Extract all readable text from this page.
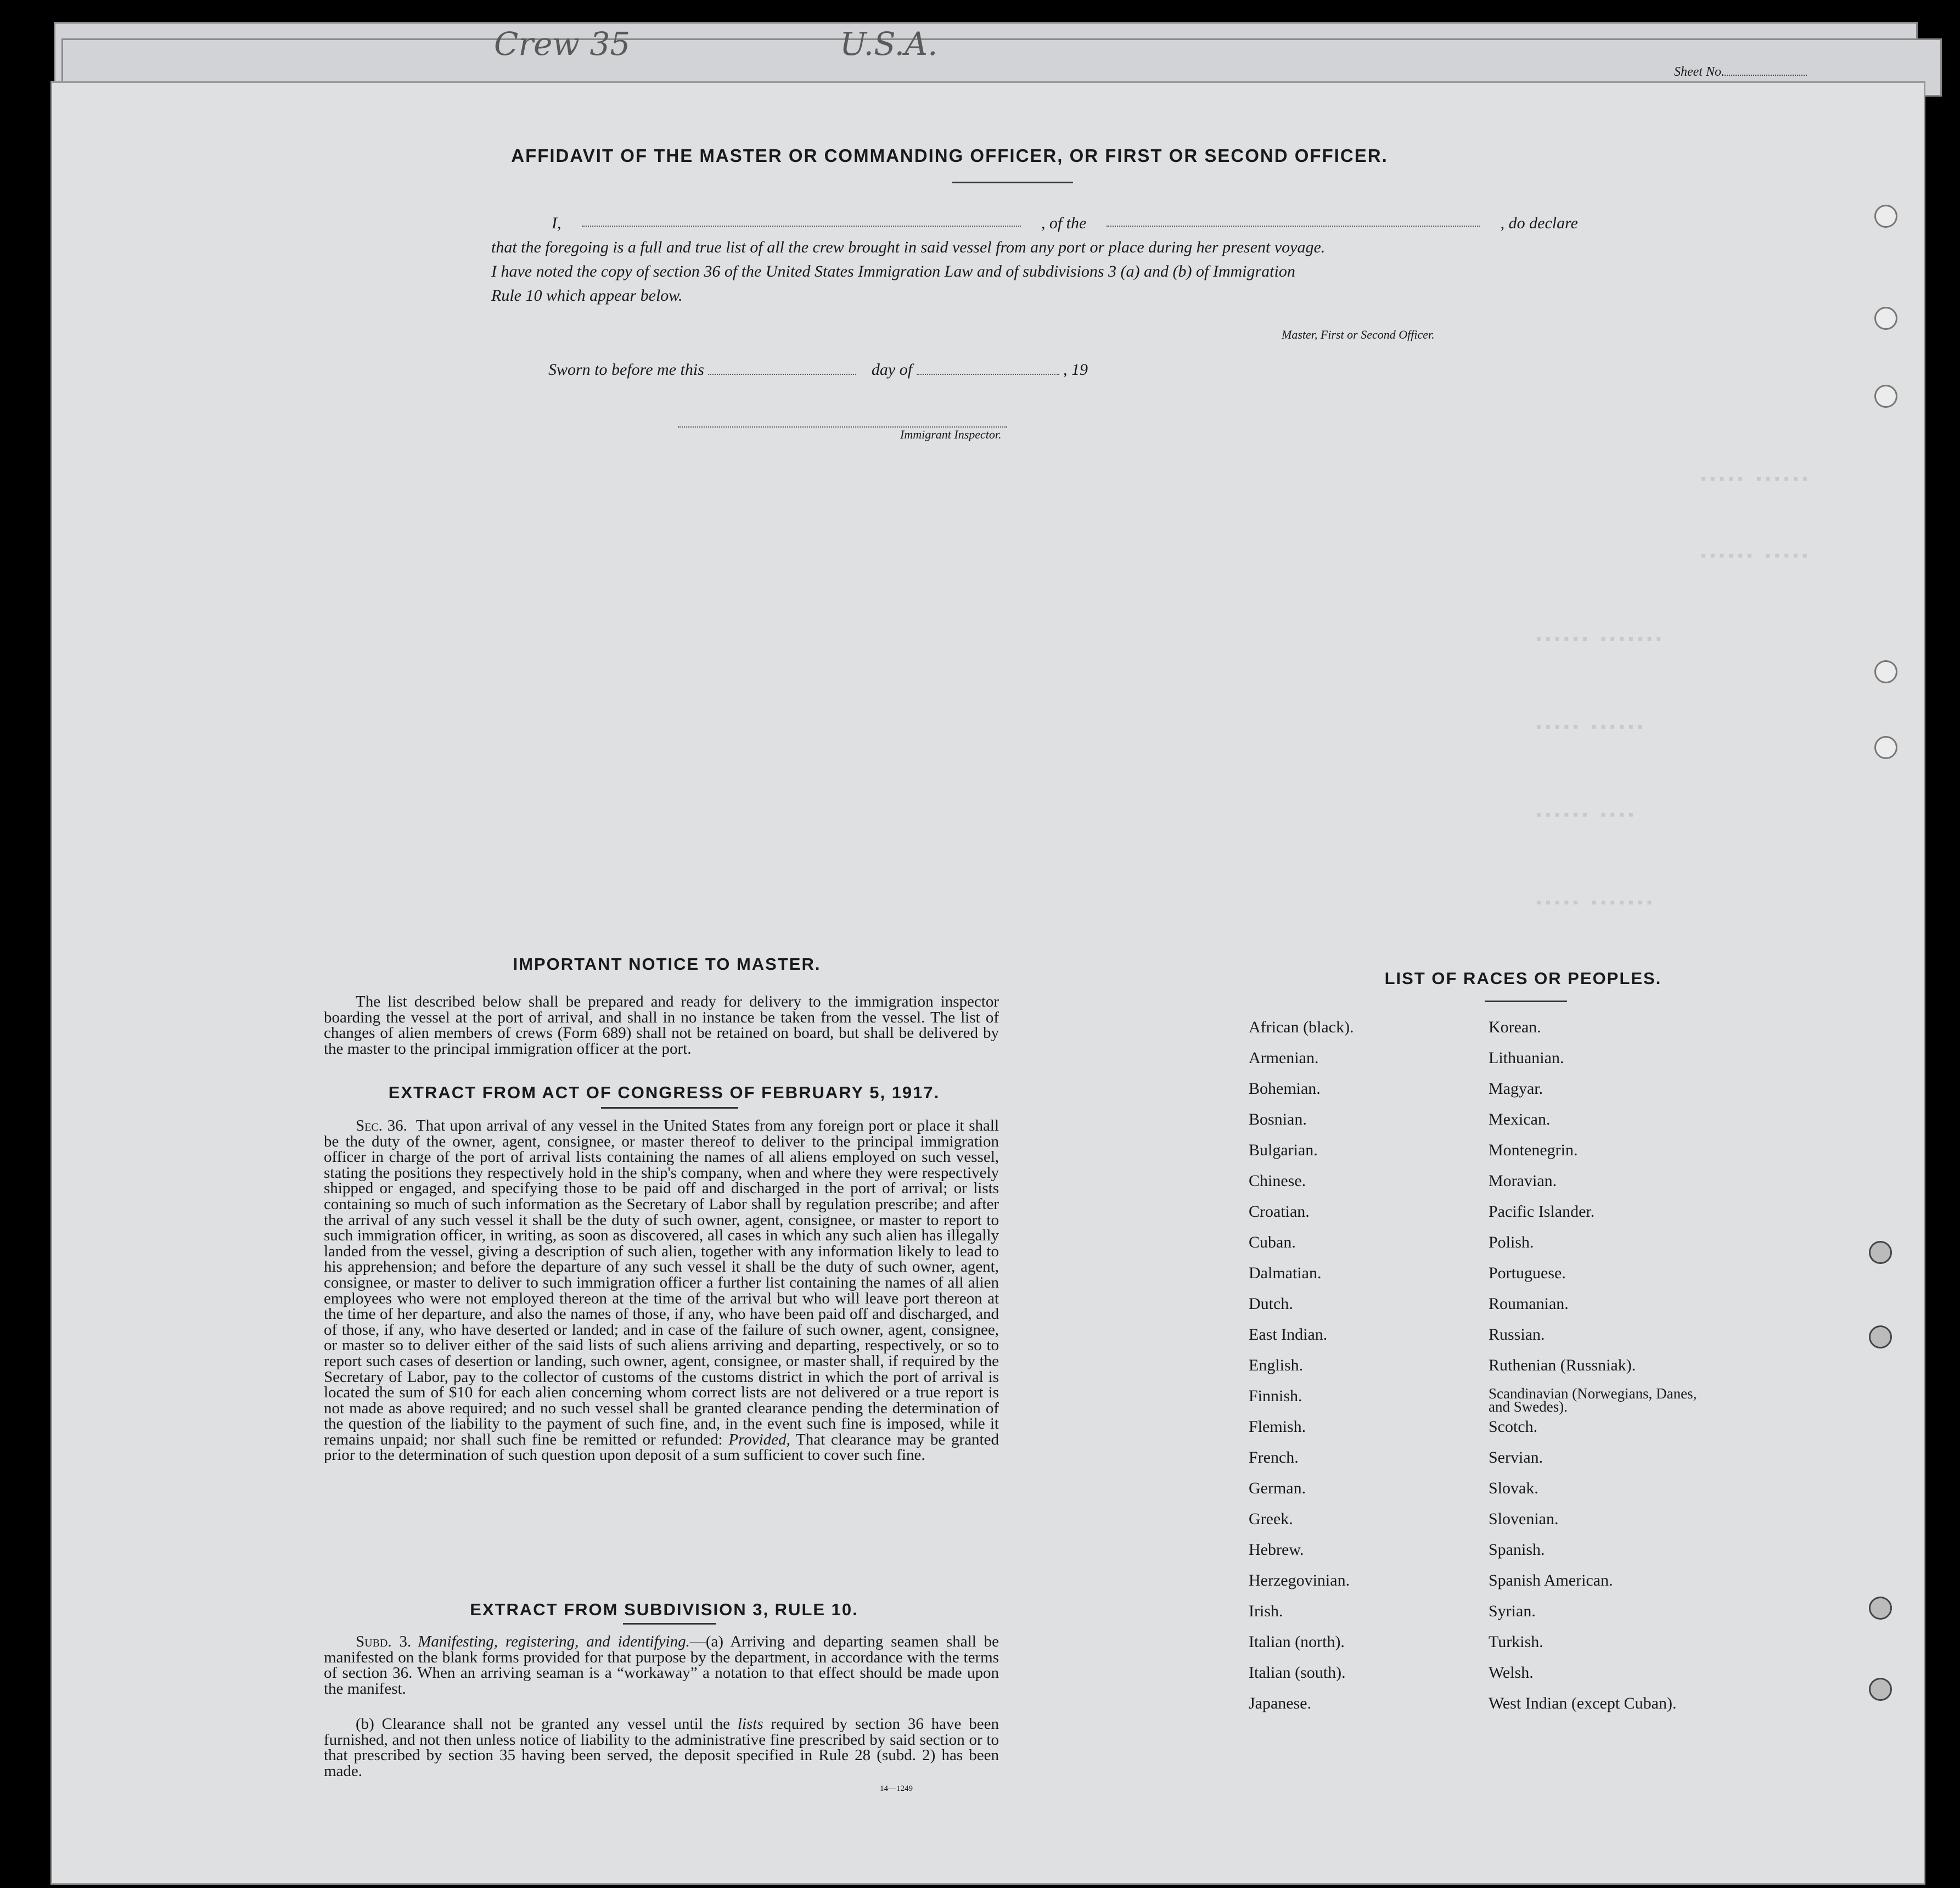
Crew 35	U.S.A.
Sheet No.
▪▪▪▪▪ ▪▪▪▪▪▪
▪▪▪▪▪▪ ▪▪▪▪▪
▪▪▪▪▪▪ ▪▪▪▪▪▪▪
▪▪▪▪▪ ▪▪▪▪▪▪
▪▪▪▪▪▪ ▪▪▪▪
▪▪▪▪▪ ▪▪▪▪▪▪▪
AFFIDAVIT OF THE MASTER OR COMMANDING OFFICER, OR FIRST OR SECOND OFFICER.
I,	, of the	, do declare
that the foregoing is a full and true list of all the crew brought in said vessel from any port or place during her present voyage.
I have noted the copy of section 36 of the United States Immigration Law and of subdivisions 3 (a) and (b) of Immigration
Rule 10 which appear below.
Master, First or Second Officer.
Sworn to before me this	day of	, 19
Immigrant Inspector.
IMPORTANT NOTICE TO MASTER.
The list described below shall be prepared and ready for delivery to the immigration inspector boarding the vessel at the port of arrival, and shall in no instance be taken from the vessel. The list of changes of alien members of crews (Form 689) shall not be retained on board, but shall be delivered by the master to the principal immigration officer at the port.
EXTRACT FROM ACT OF CONGRESS OF FEBRUARY 5, 1917.
Sec. 36. That upon arrival of any vessel in the United States from any foreign port or place it shall be the duty of the owner, agent, consignee, or master thereof to deliver to the principal immigration officer in charge of the port of arrival lists containing the names of all aliens employed on such vessel, stating the positions they respectively hold in the ship's company, when and where they were respectively shipped or engaged, and specifying those to be paid off and discharged in the port of arrival; or lists containing so much of such information as the Secretary of Labor shall by regulation prescribe; and after the arrival of any such vessel it shall be the duty of such owner, agent, consignee, or master to report to such immigration officer, in writing, as soon as discovered, all cases in which any such alien has illegally landed from the vessel, giving a description of such alien, together with any information likely to lead to his apprehension; and before the departure of any such vessel it shall be the duty of such owner, agent, consignee, or master to deliver to such immigration officer a further list containing the names of all alien employees who were not employed thereon at the time of the arrival but who will leave port thereon at the time of her departure, and also the names of those, if any, who have been paid off and discharged, and of those, if any, who have deserted or landed; and in case of the failure of such owner, agent, consignee, or master so to deliver either of the said lists of such aliens arriving and departing, respectively, or so to report such cases of desertion or landing, such owner, agent, consignee, or master shall, if required by the Secretary of Labor, pay to the collector of customs of the customs district in which the port of arrival is located the sum of $10 for each alien concerning whom correct lists are not delivered or a true report is not made as above required; and no such vessel shall be granted clearance pending the determination of the question of the liability to the payment of such fine, and, in the event such fine is imposed, while it remains unpaid; nor shall such fine be remitted or refunded: Provided, That clearance may be granted prior to the determination of such question upon deposit of a sum sufficient to cover such fine.
EXTRACT FROM SUBDIVISION 3, RULE 10.
Subd. 3. Manifesting, registering, and identifying.—(a) Arriving and departing seamen shall be manifested on the blank forms provided for that purpose by the department, in accordance with the terms of section 36. When an arriving seaman is a “workaway” a notation to that effect should be made upon the manifest.
(b) Clearance shall not be granted any vessel until the lists required by section 36 have been furnished, and not then unless notice of liability to the administrative fine prescribed by said section or to that prescribed by section 35 having been served, the deposit specified in Rule 28 (subd. 2) has been made.
14—1249
LIST OF RACES OR PEOPLES.
African (black).	Korean.
Armenian.	Lithuanian.
Bohemian.	Magyar.
Bosnian.	Mexican.
Bulgarian.	Montenegrin.
Chinese.	Moravian.
Croatian.	Pacific Islander.
Cuban.	Polish.
Dalmatian.	Portuguese.
Dutch.	Roumanian.
East Indian.	Russian.
English.	Ruthenian (Russniak).
Finnish.	Scandinavian (Norwegians, Danes, and Swedes).
Flemish.	Scotch.
French.	Servian.
German.	Slovak.
Greek.	Slovenian.
Hebrew.	Spanish.
Herzegovinian.	Spanish American.
Irish.	Syrian.
Italian (north).	Turkish.
Italian (south).	Welsh.
Japanese.	West Indian (except Cuban).
